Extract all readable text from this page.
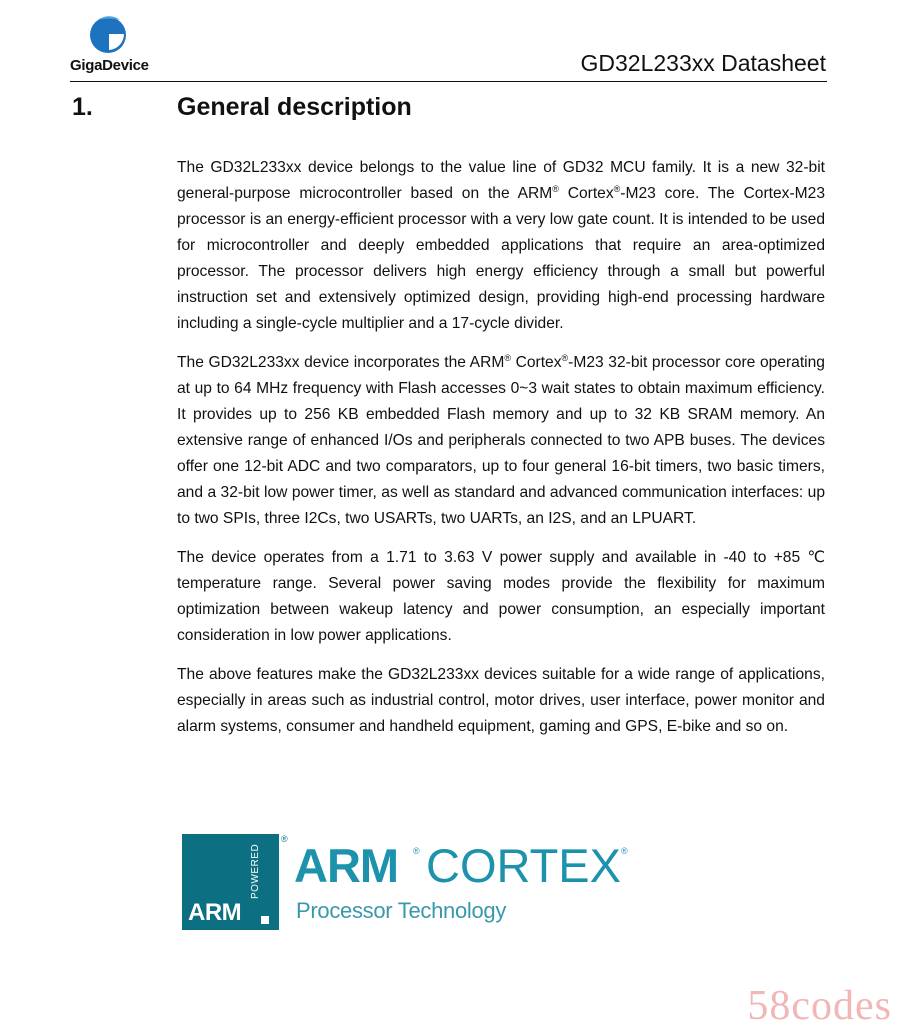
GigaDevice	GD32L233xx Datasheet
1.	General description

The GD32L233xx device belongs to the value line of GD32 MCU family. It is a new 32-bit general-purpose microcontroller based on the ARM® Cortex®-M23 core. The Cortex-M23 processor is an energy-efficient processor with a very low gate count. It is intended to be used for microcontroller and deeply embedded applications that require an area-optimized processor. The processor delivers high energy efficiency through a small but powerful instruction set and extensively optimized design, providing high-end processing hardware including a single-cycle multiplier and a 17-cycle divider.

The GD32L233xx device incorporates the ARM® Cortex®-M23 32-bit processor core operating at up to 64 MHz frequency with Flash accesses 0~3 wait states to obtain maximum efficiency. It provides up to 256 KB embedded Flash memory and up to 32 KB SRAM memory. An extensive range of enhanced I/Os and peripherals connected to two APB buses. The devices offer one 12-bit ADC and two comparators, up to four general 16-bit timers, two basic timers, and a 32-bit low power timer, as well as standard and advanced communication interfaces: up to two SPIs, three I2Cs, two USARTs, two UARTs, an I2S, and an LPUART.

The device operates from a 1.71 to 3.63 V power supply and available in -40 to +85 ℃ temperature range. Several power saving modes provide the flexibility for maximum optimization between wakeup latency and power consumption, an especially important consideration in low power applications.

The above features make the GD32L233xx devices suitable for a wide range of applications, especially in areas such as industrial control, motor drives, user interface, power monitor and alarm systems, consumer and handheld equipment, gaming and GPS, E-bike and so on.

POWERED
ARM
® ARM ® CORTEX ®
Processor Technology
58codes
